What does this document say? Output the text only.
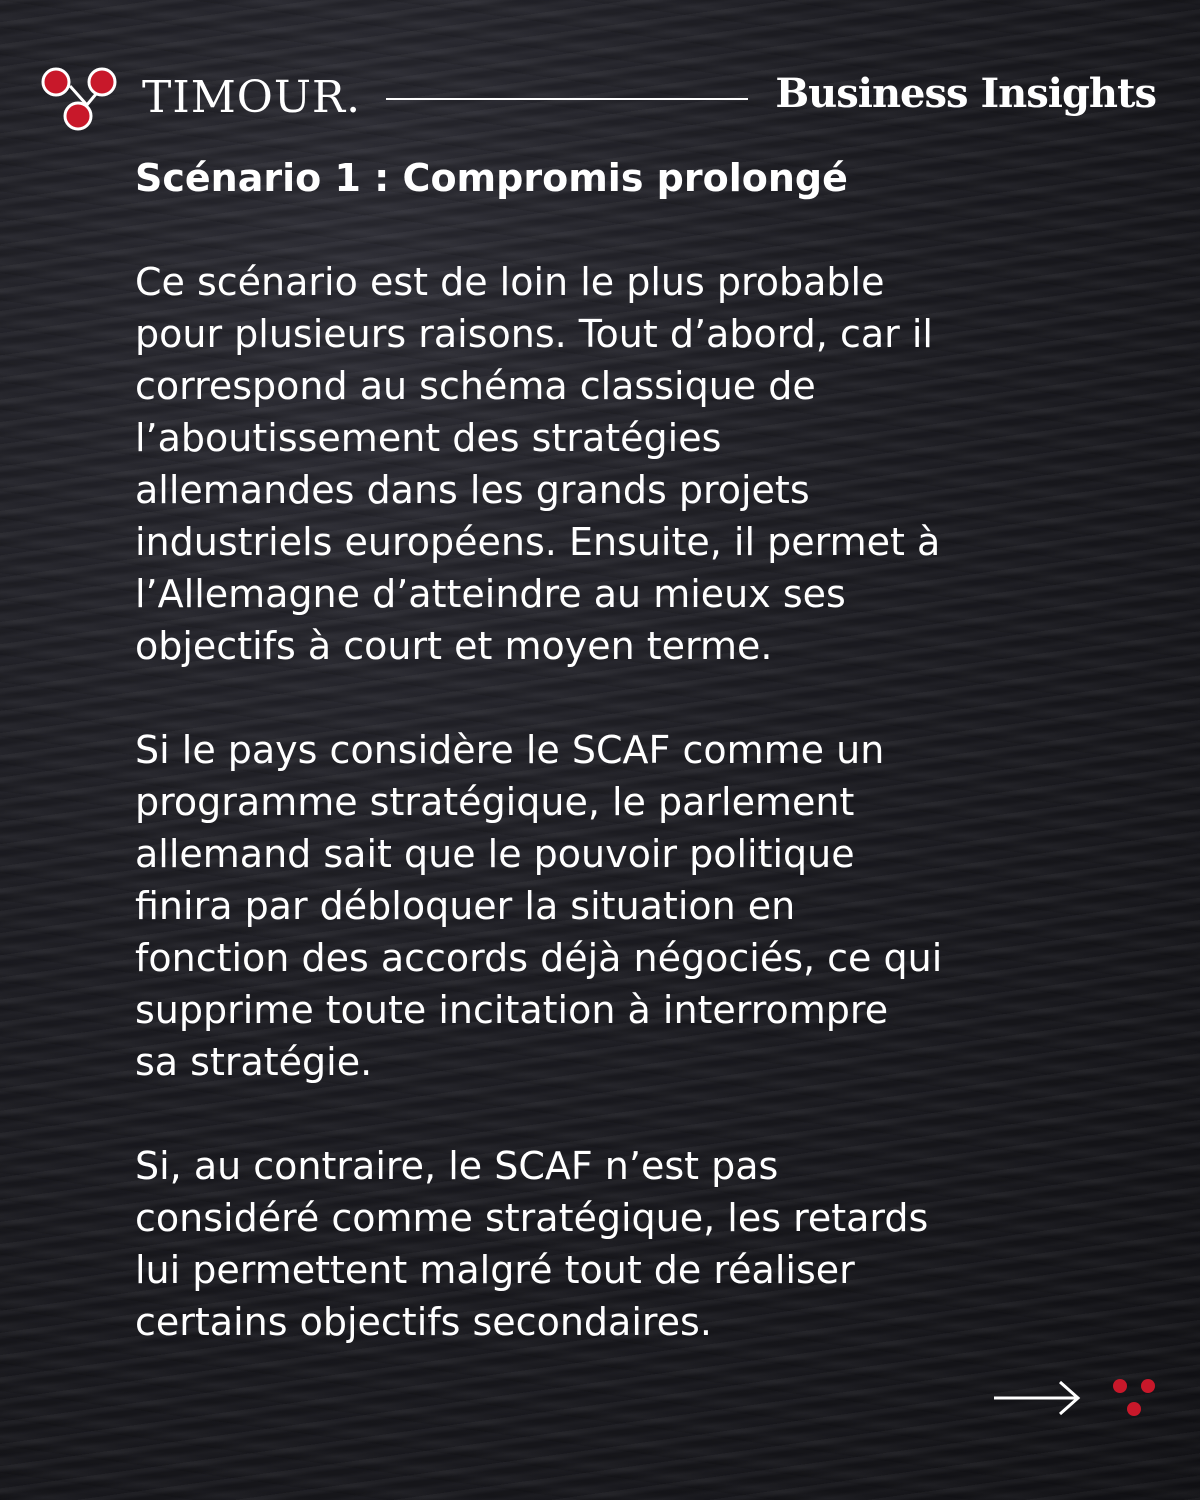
TIMOUR.	Business Insights
Scénario 1 : Compromis prolongé

Ce scénario est de loin le plus probable
pour plusieurs raisons. Tout d’abord, car il
correspond au schéma classique de
l’aboutissement des stratégies
allemandes dans les grands projets
industriels européens. Ensuite, il permet à
l’Allemagne d’atteindre au mieux ses
objectifs à court et moyen terme.

Si le pays considère le SCAF comme un
programme stratégique, le parlement
allemand sait que le pouvoir politique
finira par débloquer la situation en
fonction des accords déjà négociés, ce qui
supprime toute incitation à interrompre
sa stratégie.

Si, au contraire, le SCAF n’est pas
considéré comme stratégique, les retards
lui permettent malgré tout de réaliser
certains objectifs secondaires.
